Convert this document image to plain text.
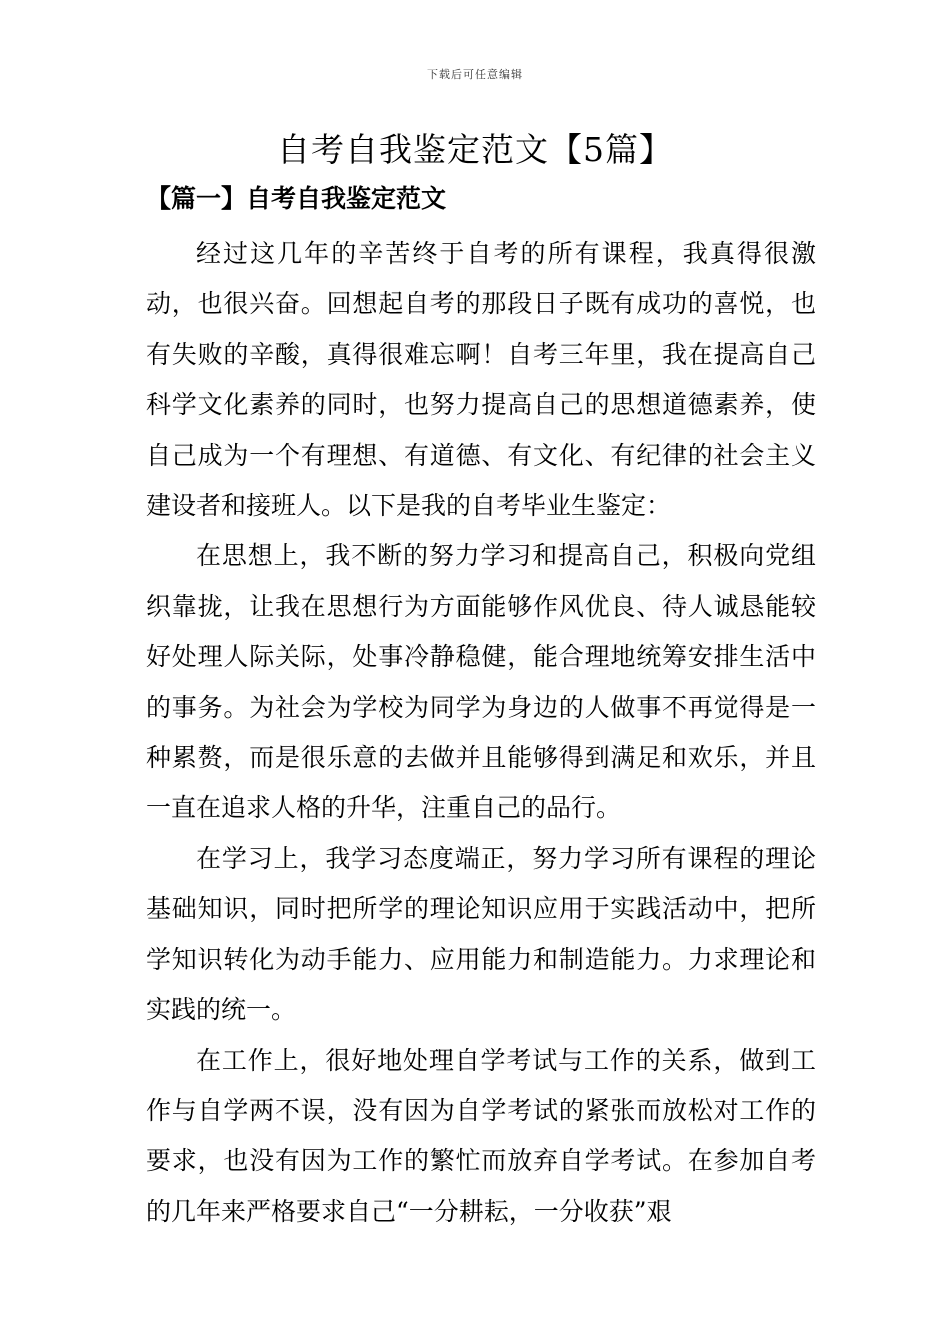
下载后可任意编辑
自考自我鉴定范文【5篇】
【篇一】自考自我鉴定范文

经过这几年的辛苦终于自考的所有课程，我真得很激动，也很兴奋。回想起自考的那段日子既有成功的喜悦，也有失败的辛酸，真得很难忘啊！自考三年里，我在提高自己科学文化素养的同时，也努力提高自己的思想道德素养，使自己成为一个有理想、有道德、有文化、有纪律的社会主义建设者和接班人。以下是我的自考毕业生鉴定：

在思想上，我不断的努力学习和提高自己，积极向党组织靠拢，让我在思想行为方面能够作风优良、待人诚恳能较好处理人际关际，处事冷静稳健，能合理地统筹安排生活中的事务。为社会为学校为同学为身边的人做事不再觉得是一种累赘，而是很乐意的去做并且能够得到满足和欢乐，并且一直在追求人格的升华，注重自己的品行。

在学习上，我学习态度端正，努力学习所有课程的理论基础知识，同时把所学的理论知识应用于实践活动中，把所学知识转化为动手能力、应用能力和制造能力。力求理论和实践的统一。

在工作上，很好地处理自学考试与工作的关系，做到工作与自学两不误，没有因为自学考试的紧张而放松对工作的要求，也没有因为工作的繁忙而放弃自学考试。在参加自考的几年来严格要求自己“一分耕耘，一分收获”艰
